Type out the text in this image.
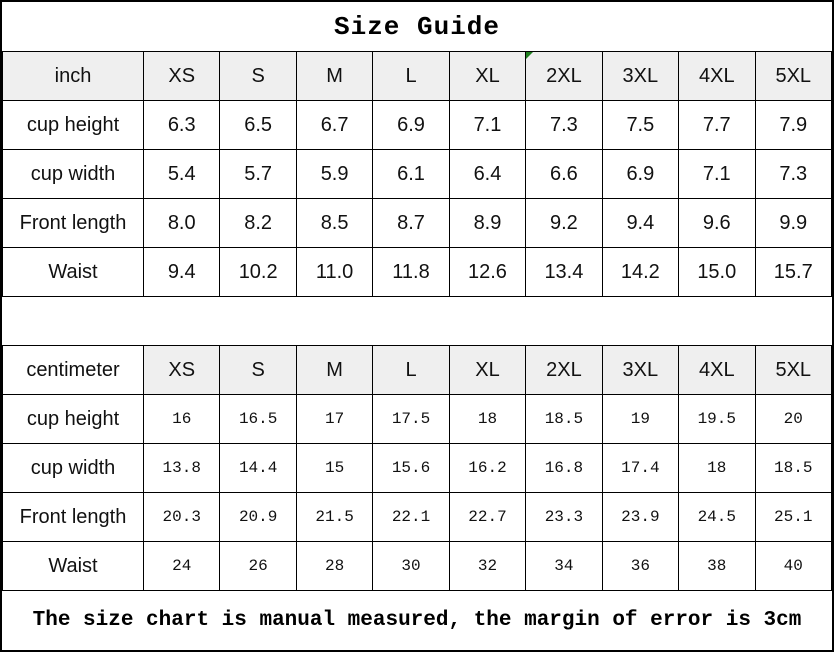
Size Guide
inch	XS	S	M	L	XL	2XL	3XL	4XL	5XL
cup height	6.3	6.5	6.7	6.9	7.1	7.3	7.5	7.7	7.9
cup width	5.4	5.7	5.9	6.1	6.4	6.6	6.9	7.1	7.3
Front length	8.0	8.2	8.5	8.7	8.9	9.2	9.4	9.6	9.9
Waist	9.4	10.2	11.0	11.8	12.6	13.4	14.2	15.0	15.7
centimeter	XS	S	M	L	XL	2XL	3XL	4XL	5XL
cup height	16	16.5	17	17.5	18	18.5	19	19.5	20
cup width	13.8	14.4	15	15.6	16.2	16.8	17.4	18	18.5
Front length	20.3	20.9	21.5	22.1	22.7	23.3	23.9	24.5	25.1
Waist	24	26	28	30	32	34	36	38	40
The size chart is manual measured, the margin of error is 3cm
